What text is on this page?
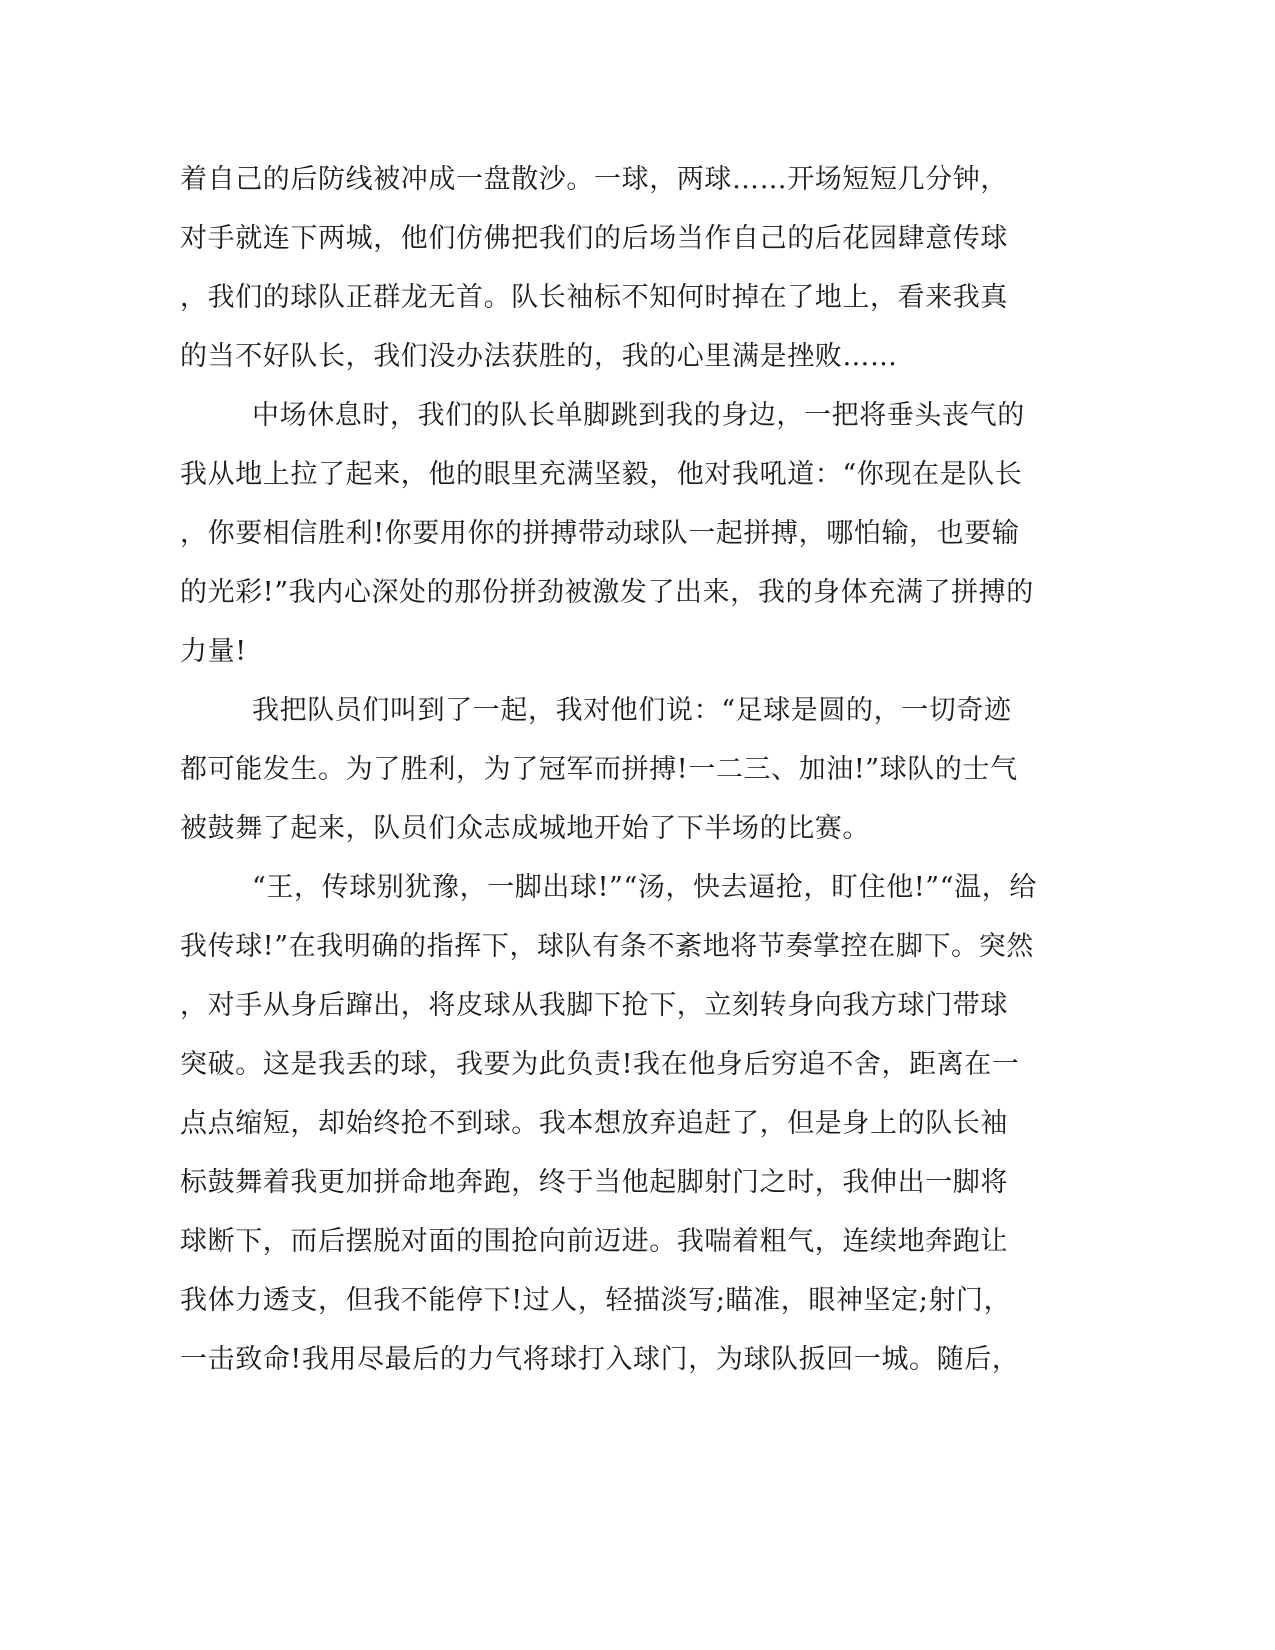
着自己的后防线被冲成一盘散沙。一球，两球……开场短短几分钟，
对手就连下两城，他们仿佛把我们的后场当作自己的后花园肆意传球
，我们的球队正群龙无首。队长袖标不知何时掉在了地上，看来我真
的当不好队长，我们没办法获胜的，我的心里满是挫败……
中场休息时，我们的队长单脚跳到我的身边，一把将垂头丧气的
我从地上拉了起来，他的眼里充满坚毅，他对我吼道：“你现在是队长
，你要相信胜利!你要用你的拼搏带动球队一起拼搏，哪怕输，也要输
的光彩!”我内心深处的那份拼劲被激发了出来，我的身体充满了拼搏的
力量!
我把队员们叫到了一起，我对他们说：“足球是圆的，一切奇迹
都可能发生。为了胜利，为了冠军而拼搏!一二三、加油!”球队的士气
被鼓舞了起来，队员们众志成城地开始了下半场的比赛。
“王，传球别犹豫，一脚出球!”“汤，快去逼抢，盯住他!”“温，给
我传球!”在我明确的指挥下，球队有条不紊地将节奏掌控在脚下。突然
，对手从身后蹿出，将皮球从我脚下抢下，立刻转身向我方球门带球
突破。这是我丢的球，我要为此负责!我在他身后穷追不舍，距离在一
点点缩短，却始终抢不到球。我本想放弃追赶了，但是身上的队长袖
标鼓舞着我更加拼命地奔跑，终于当他起脚射门之时，我伸出一脚将
球断下，而后摆脱对面的围抢向前迈进。我喘着粗气，连续地奔跑让
我体力透支，但我不能停下!过人，轻描淡写;瞄准，眼神坚定;射门，
一击致命!我用尽最后的力气将球打入球门，为球队扳回一城。随后，
